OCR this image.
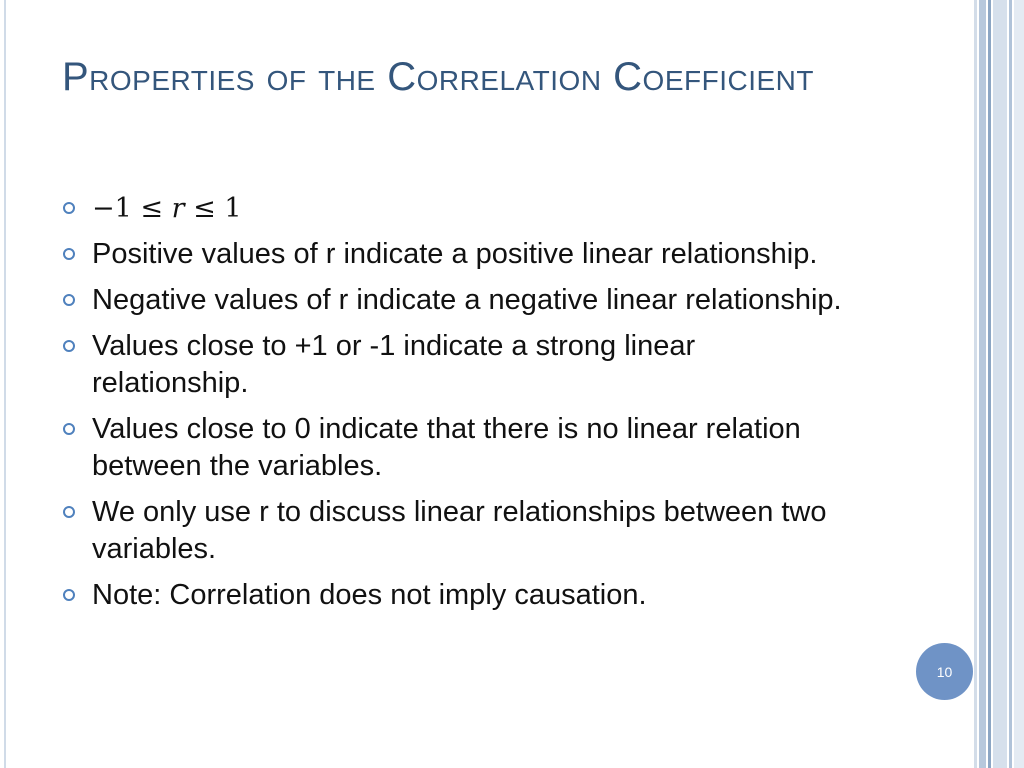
Properties of the Correlation Coefficient
−1 ≤ r ≤ 1
Positive values of r indicate a positive linear relationship.
Negative values of r indicate a negative linear relationship.
Values close to +1 or -1 indicate a strong linear relationship.
Values close to 0 indicate that there is no linear relation between the variables.
We only use r to discuss linear relationships between two variables.
Note: Correlation does not imply causation.
10
